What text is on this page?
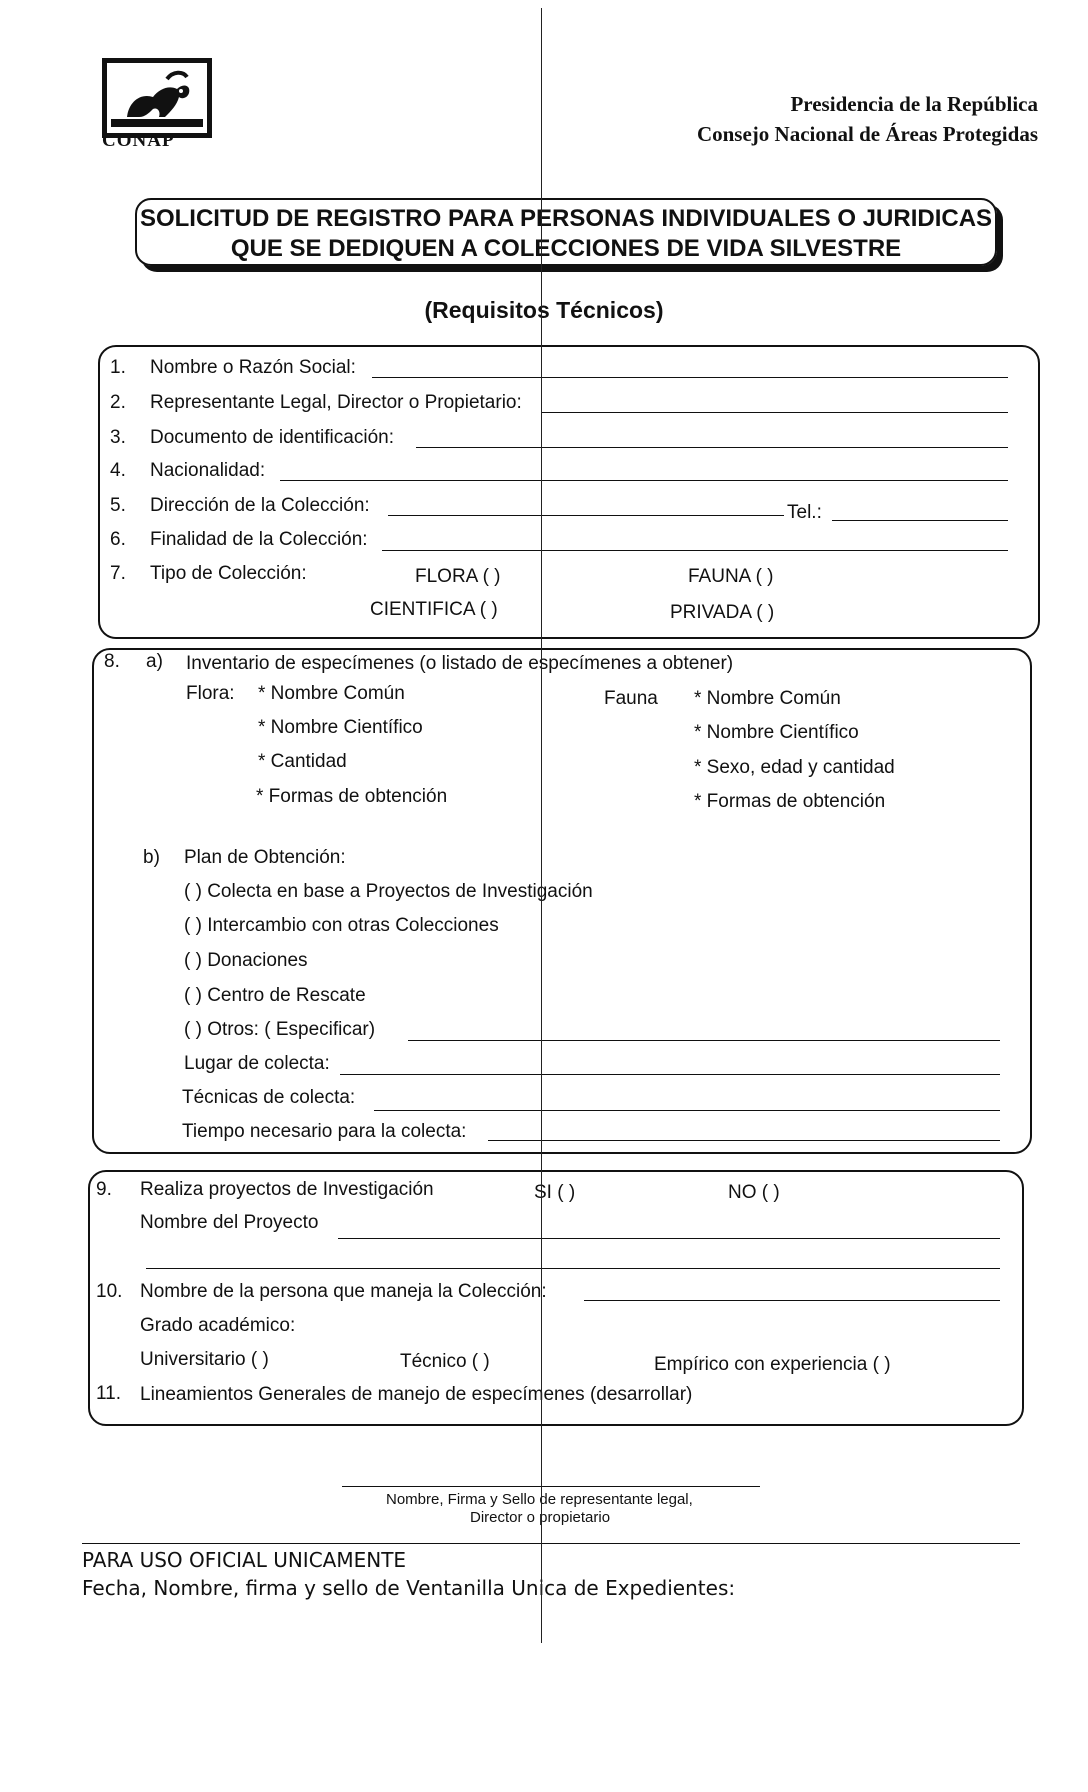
CONAP
Presidencia de la República
Consejo Nacional de Áreas Protegidas
SOLICITUD DE REGISTRO PARA PERSONAS INDIVIDUALES O JURIDICAS
QUE SE DEDIQUEN A COLECCIONES DE VIDA SILVESTRE
(Requisitos Técnicos)
1. Nombre o Razón Social:
2. Representante Legal, Director o Propietario:
3. Documento de identificación:
4. Nacionalidad:
5. Dirección de la Colección:	Tel.:
6. Finalidad de la Colección:
7. Tipo de Colección:	FLORA ( )	FAUNA ( )
CIENTIFICA ( )	PRIVADA ( )
8. a) Inventario de especímenes (o listado de especímenes a obtener)
Flora: * Nombre Común
* Nombre Científico
* Cantidad
* Formas de obtención
Fauna * Nombre Común
* Nombre Científico
* Sexo, edad y cantidad
* Formas de obtención
b) Plan de Obtención:
( ) Colecta en base a Proyectos de Investigación
( ) Intercambio con otras Colecciones
( ) Donaciones
( ) Centro de Rescate
( ) Otros: ( Especificar)
Lugar de colecta:
Técnicas de colecta:
Tiempo necesario para la colecta:
9. Realiza proyectos de Investigación	SI ( )	NO ( )
Nombre del Proyecto
10. Nombre de la persona que maneja la Colección:
Grado académico:
Universitario ( )	Técnico ( )	Empírico con experiencia ( )
11. Lineamientos Generales de manejo de especímenes (desarrollar)
Nombre, Firma y Sello de representante legal,
Director o propietario
PARA USO OFICIAL UNICAMENTE
Fecha, Nombre, firma y sello de Ventanilla Unica de Expedientes:
